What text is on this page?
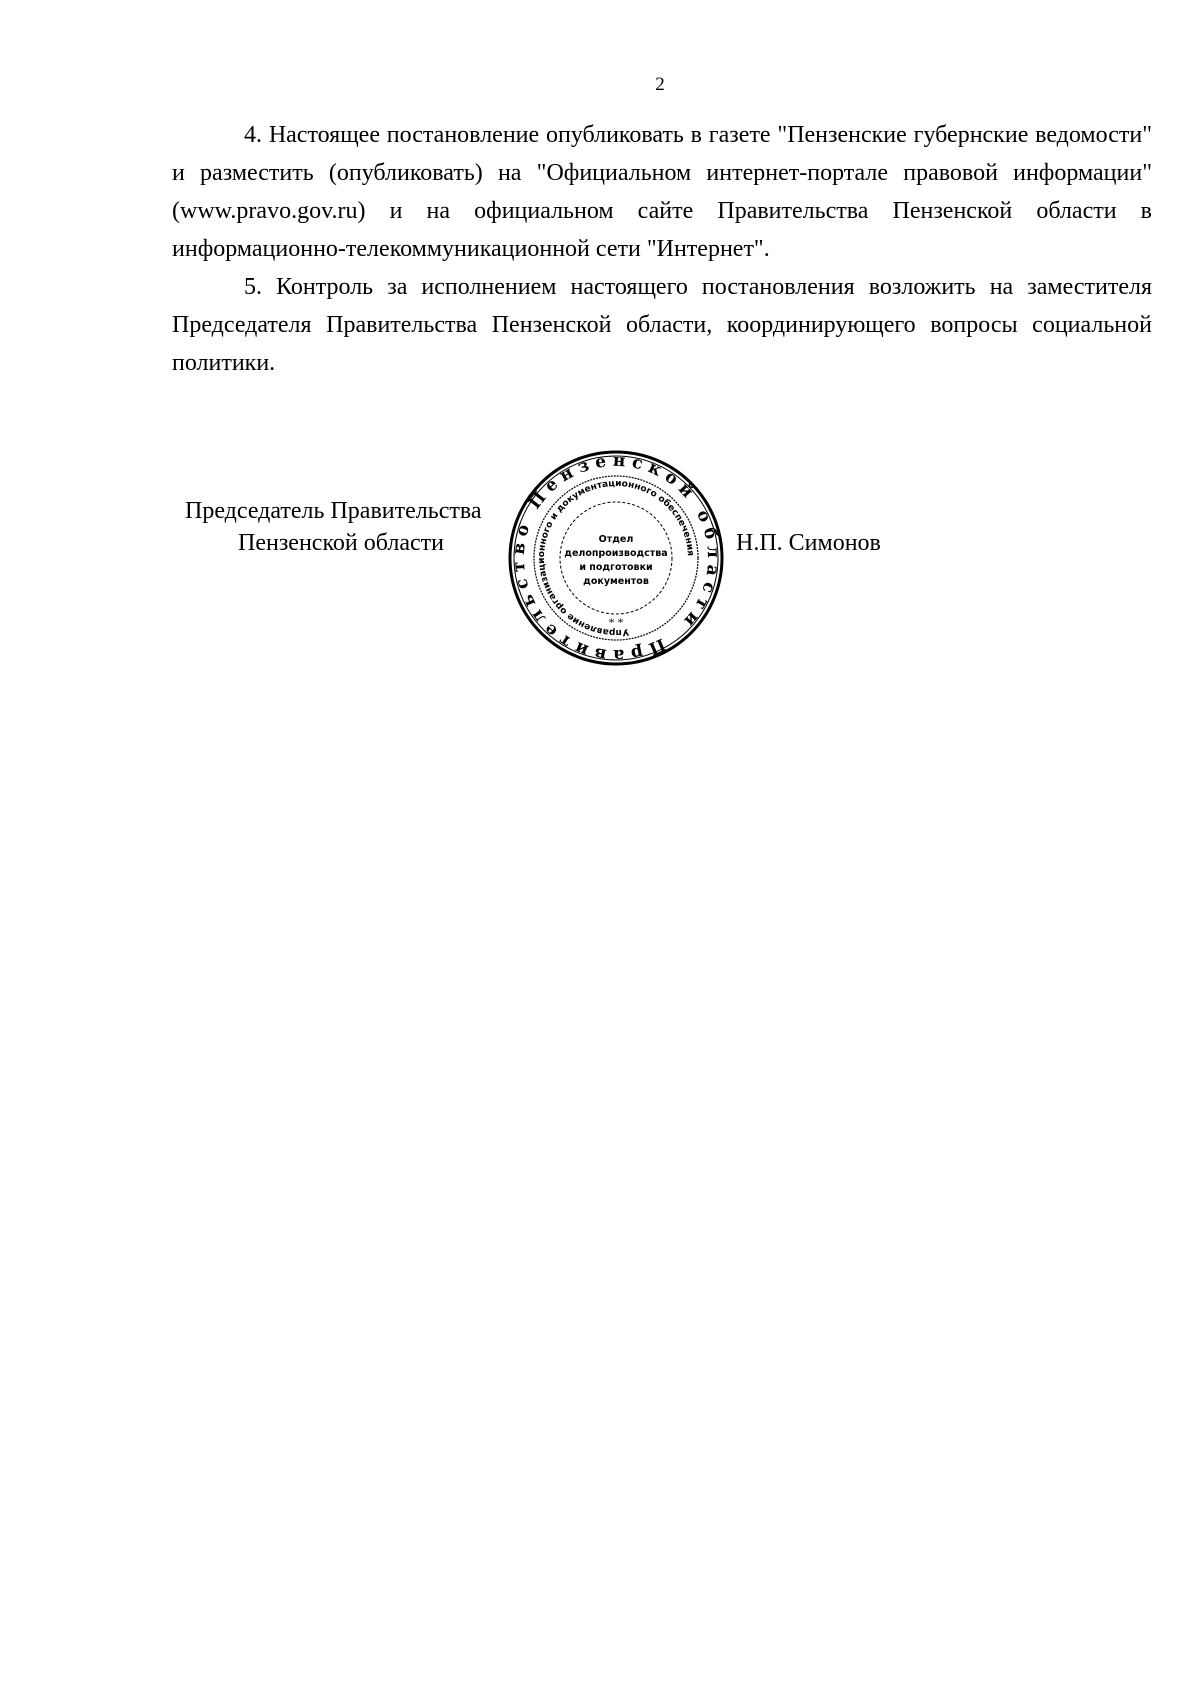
2

4. Настоящее постановление опубликовать в газете "Пензенские губернские ведомости" и разместить (опубликовать) на "Официальном интернет-портале правовой информации" (www.pravo.gov.ru) и на официальном сайте Правительства Пензенской области в информационно-телекоммуникационной сети "Интернет".

5. Контроль за исполнением настоящего постановления возложить на заместителя Председателя Правительства Пензенской области, координирующего вопросы социальной политики.

Председатель Правительства
Пензенской области	Н.П. Симонов
Правительство Пензенской области
Управление организационного и документационного обеспечения
Отдел
делопроизводства
и подготовки
документов
* *
